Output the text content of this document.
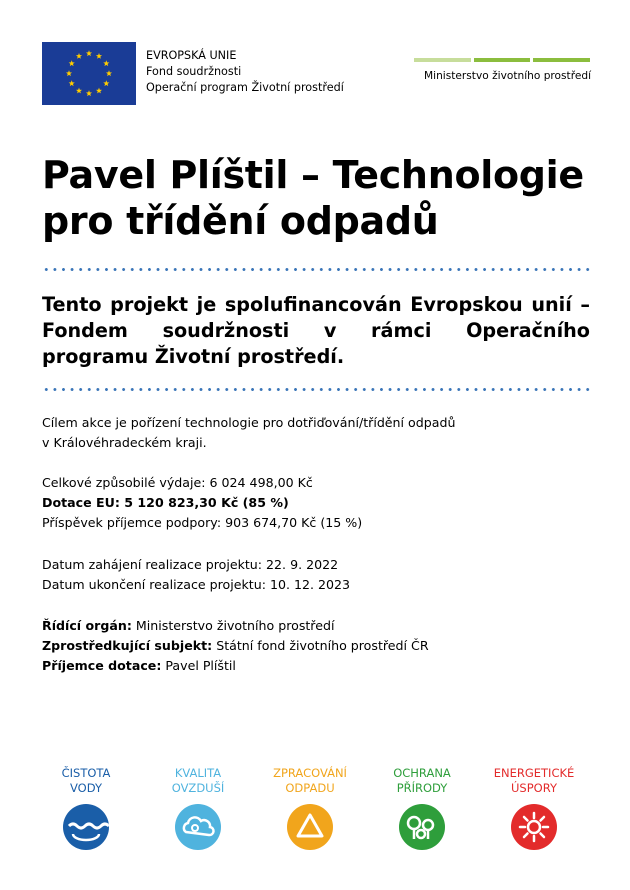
EVROPSKÁ UNIE
Fond soudržnosti
Operační program Životní prostředí
Ministerstvo životního prostředí
Pavel Plíštil – Technologie pro třídění odpadů
Tento projekt je spolufinancován Evropskou unií – Fondem soudržnosti v rámci Operačního programu Životní prostředí.

Cílem akce je pořízení technologie pro dotřiďování/třídění odpadů

v Královéhradeckém kraji.

Celkové způsobilé výdaje: 6 024 498,00 Kč

Dotace EU: 5 120 823,30 Kč (85 %)

Příspěvek příjemce podpory: 903 674,70 Kč (15 %)

Datum zahájení realizace projektu: 22. 9. 2022

Datum ukončení realizace projektu: 10. 12. 2023

Řídící orgán: Ministerstvo životního prostředí

Zprostředkující subjekt: Státní fond životního prostředí ČR

Příjemce dotace: Pavel Plíštil

ČISTOTA
VODY
KVALITA
OVZDUŠÍ
ZPRACOVÁNÍ
ODPADU
OCHRANA
PŘÍRODY
ENERGETICKÉ
ÚSPORY
